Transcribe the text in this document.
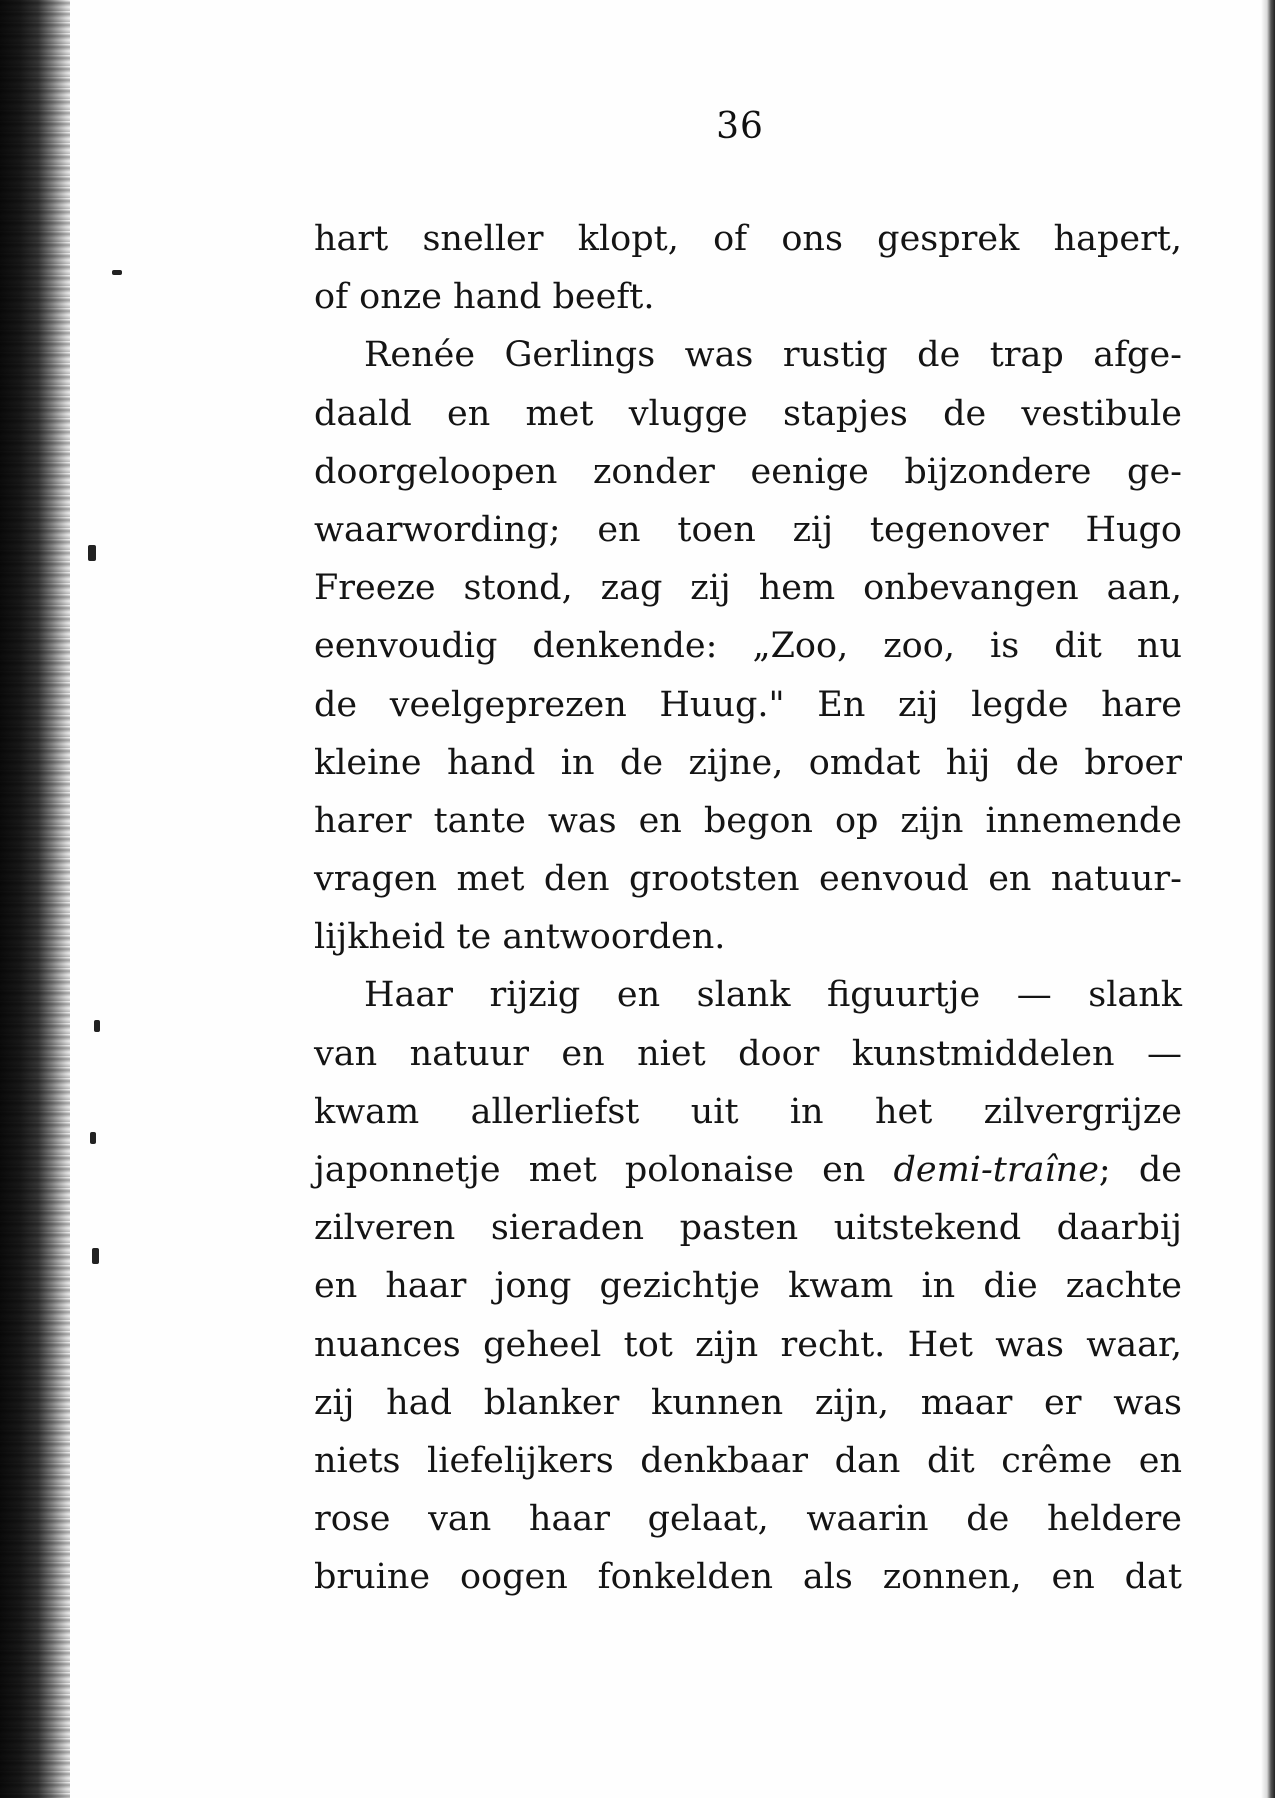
36
hart sneller klopt, of ons gesprek hapert,
of onze hand beeft.
Renée Gerlings was rustig de trap afge-
daald en met vlugge stapjes de vestibule
doorgeloopen zonder eenige bijzondere ge-
waarwording; en toen zij tegenover Hugo
Freeze stond, zag zij hem onbevangen aan,
eenvoudig denkende: „Zoo, zoo, is dit nu
de veelgeprezen Huug." En zij legde hare
kleine hand in de zijne, omdat hij de broer
harer tante was en begon op zijn innemende
vragen met den grootsten eenvoud en natuur-
lijkheid te antwoorden.
Haar rijzig en slank figuurtje — slank
van natuur en niet door kunstmiddelen —
kwam allerliefst uit in het zilvergrijze
japonnetje met polonaise en demi-traîne; de
zilveren sieraden pasten uitstekend daarbij
en haar jong gezichtje kwam in die zachte
nuances geheel tot zijn recht. Het was waar,
zij had blanker kunnen zijn, maar er was
niets liefelijkers denkbaar dan dit crême en
rose van haar gelaat, waarin de heldere
bruine oogen fonkelden als zonnen, en dat
